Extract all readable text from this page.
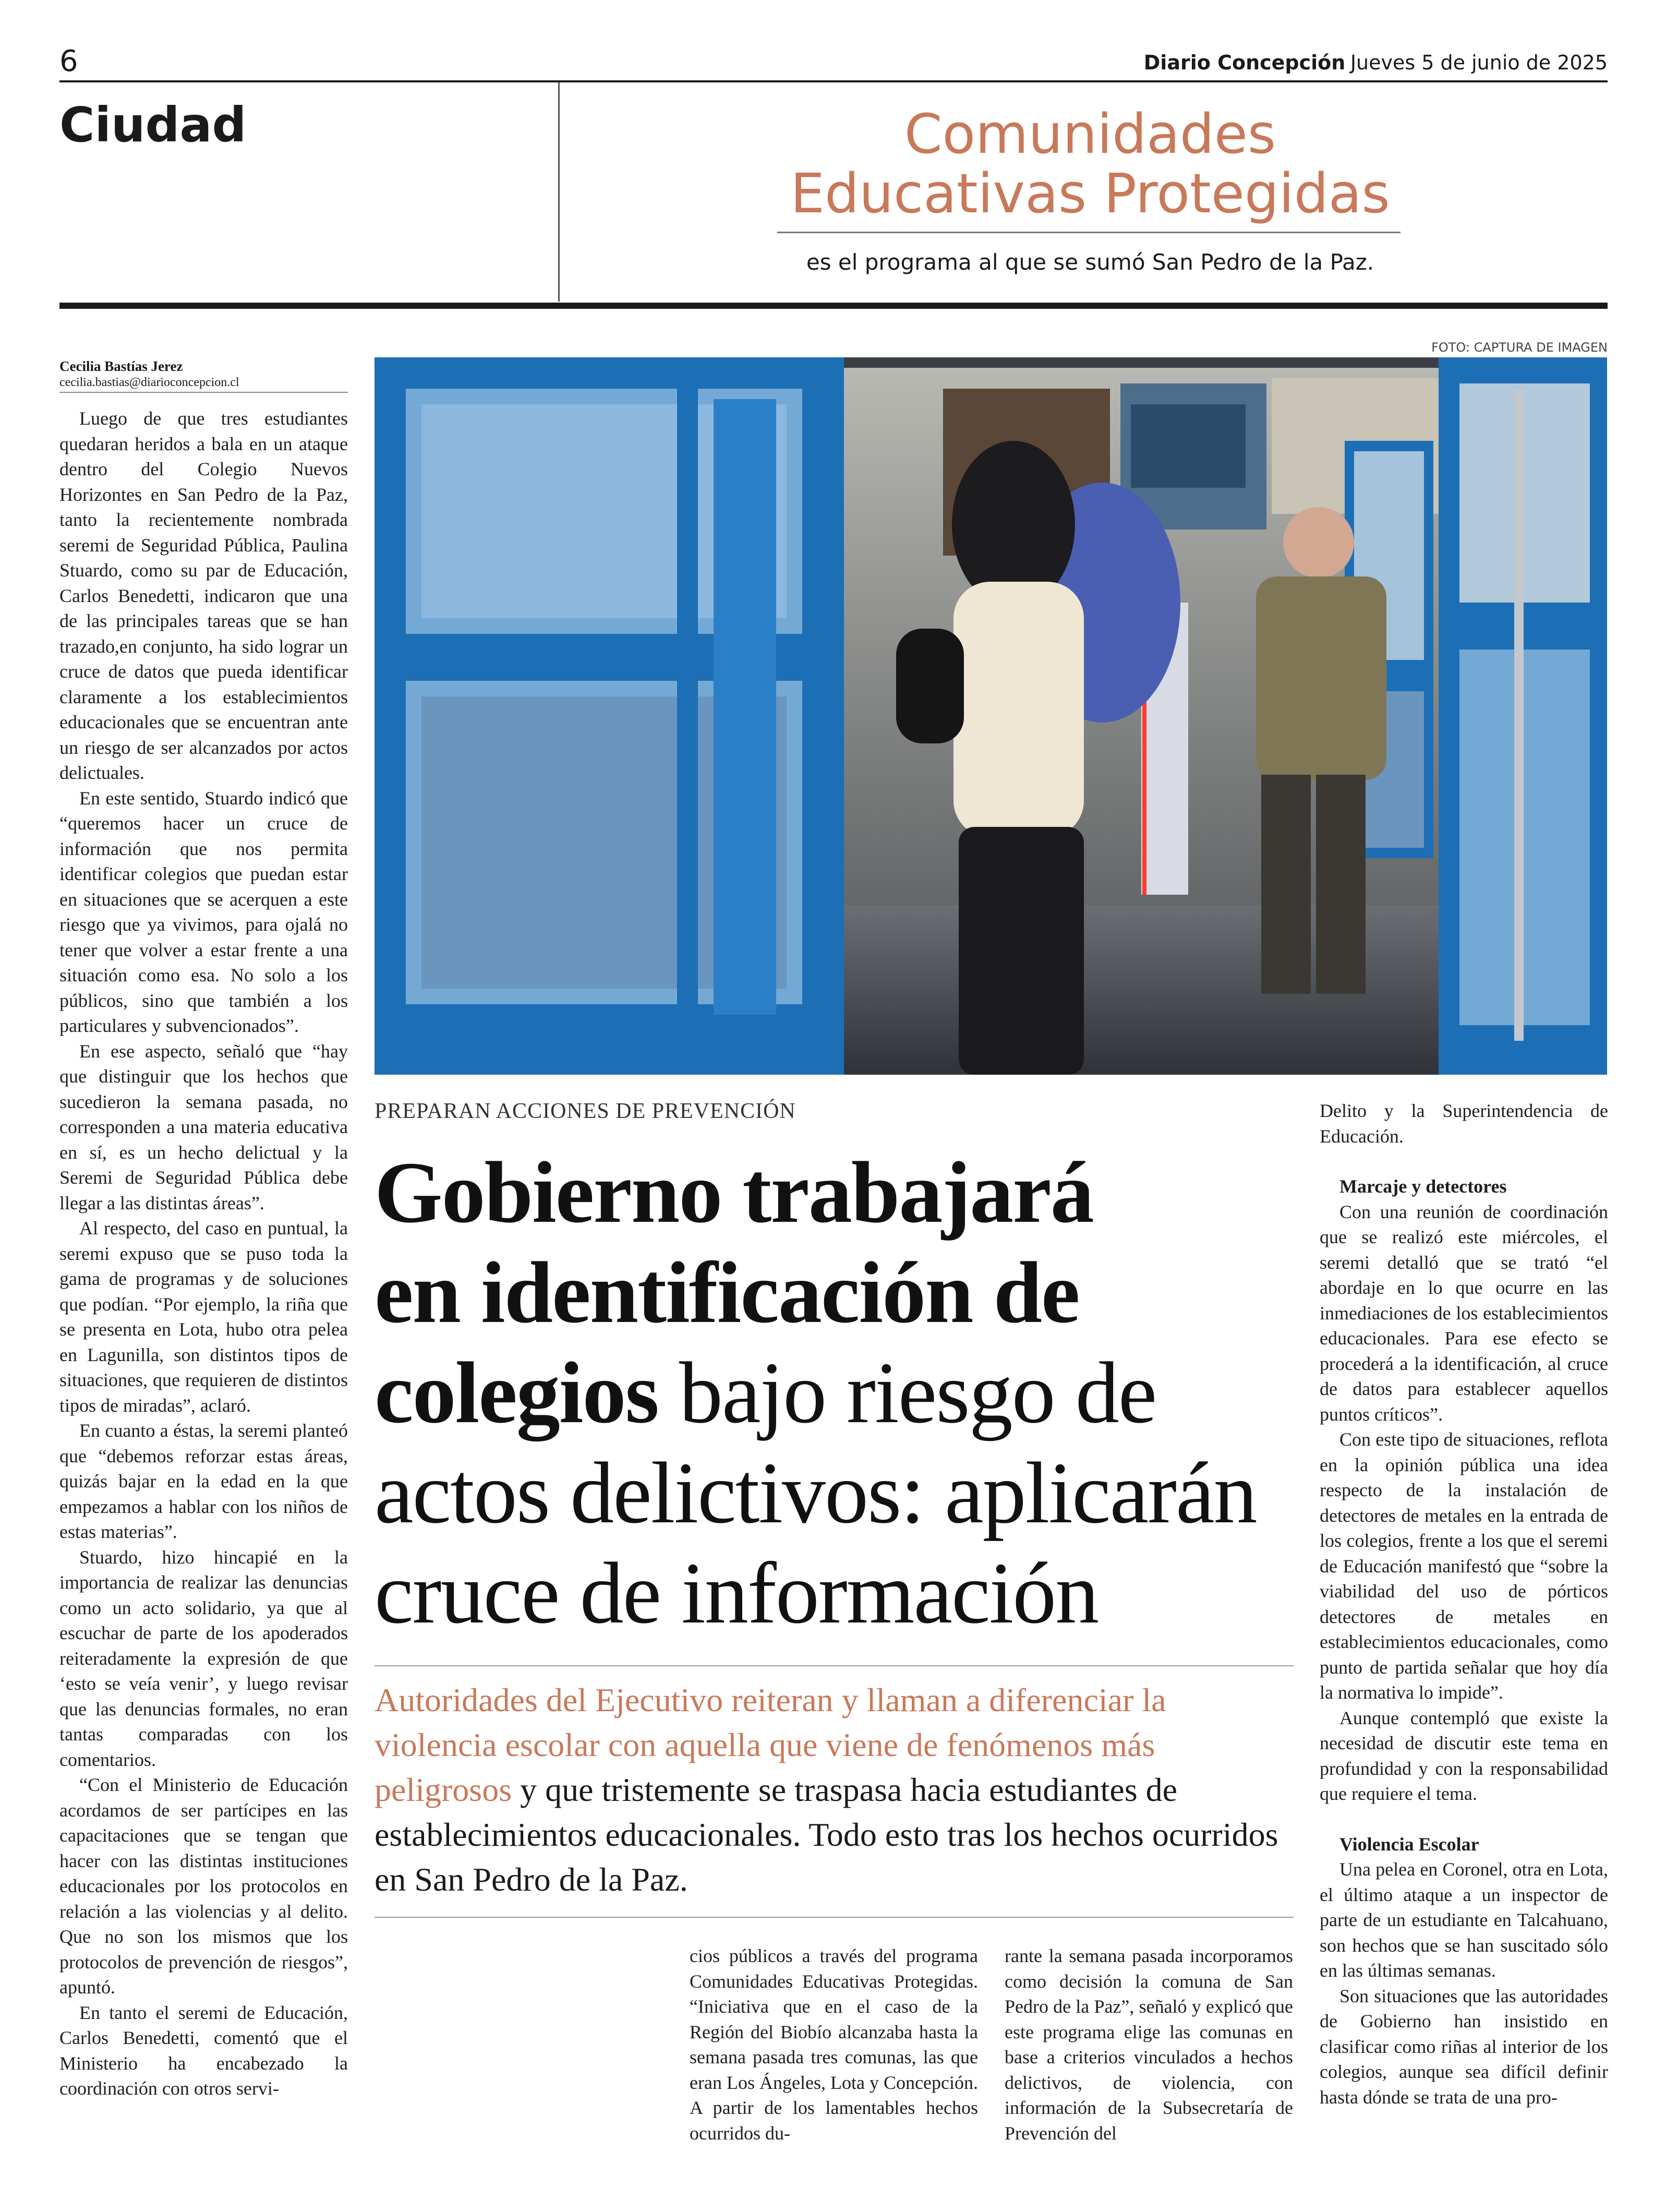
6	Diario Concepción Jueves 5 de junio de 2025
Ciudad	Comunidades
Educativas Protegidas
es el programa al que se sumó San Pedro de la Paz.
FOTO: CAPTURA DE IMAGEN
Cecilia Bastías Jerez
cecilia.bastias@diarioconcepcion.cl

Luego de que tres estudiantes quedaran heridos a bala en un ataque dentro del Colegio Nuevos Horizontes en San Pedro de la Paz, tanto la recientemente nombrada seremi de Seguridad Pública, Paulina Stuardo, como su par de Educación, Carlos Benedetti, indicaron que una de las principales tareas que se han trazado,en conjunto, ha sido lograr un cruce de datos que pueda identificar claramente a los establecimientos educacionales que se encuentran ante un riesgo de ser alcanzados por actos delictuales.

En este sentido, Stuardo indicó que “queremos hacer un cruce de información que nos permita identificar colegios que puedan estar en situaciones que se acerquen a este riesgo que ya vivimos, para ojalá no tener que volver a estar frente a una situación como esa. No solo a los públicos, sino que también a los particulares y subvencionados”.

En ese aspecto, señaló que “hay que distinguir que los hechos que sucedieron la semana pasada, no corresponden a una materia educativa en sí, es un hecho delictual y la Seremi de Seguridad Pública debe llegar a las distintas áreas”.

Al respecto, del caso en puntual, la seremi expuso que se puso toda la gama de programas y de soluciones que podían. “Por ejemplo, la riña que se presenta en Lota, hubo otra pelea en Lagunilla, son distintos tipos de situaciones, que requieren de distintos tipos de miradas”, aclaró.

En cuanto a éstas, la seremi planteó que “debemos reforzar estas áreas, quizás bajar en la edad en la que empezamos a hablar con los niños de estas materias”.

Stuardo, hizo hincapié en la importancia de realizar las denuncias como un acto solidario, ya que al escuchar de parte de los apoderados reiteradamente la expresión de que ‘esto se veía venir’, y luego revisar que las denuncias formales, no eran tantas comparadas con los comentarios.

“Con el Ministerio de Educación acordamos de ser partícipes en las capacitaciones que se tengan que hacer con las distintas instituciones educacionales por los protocolos en relación a las violencias y al delito. Que no son los mismos que los protocolos de prevención de riesgos”, apuntó.

En tanto el seremi de Educación, Carlos Benedetti, comentó que el Ministerio ha encabezado la coordinación con otros servi-

PREPARAN ACCIONES DE PREVENCIÓN
Gobierno trabajará
en identificación de
colegios bajo riesgo de
actos delictivos: aplicarán
cruce de información
Autoridades del Ejecutivo reiteran y llaman a diferenciar la violencia escolar con aquella que viene de fenómenos más peligrosos y que tristemente se traspasa hacia estudiantes de establecimientos educacionales. Todo esto tras los hechos ocurridos en San Pedro de la Paz.

cios públicos a través del programa Comunidades Educativas Protegidas. “Iniciativa que en el caso de la Región del Biobío alcanzaba hasta la semana pasada tres comunas, las que eran Los Ángeles, Lota y Concepción. A partir de los lamentables hechos ocurridos du-

rante la semana pasada incorporamos como decisión la comuna de San Pedro de la Paz”, señaló y explicó que este programa elige las comunas en base a criterios vinculados a hechos delictivos, de violencia, con información de la Subsecretaría de Prevención del

Delito y la Superintendencia de Educación.

Marcaje y detectores

Con una reunión de coordinación que se realizó este miércoles, el seremi detalló que se trató “el abordaje en lo que ocurre en las inmediaciones de los establecimientos educacionales. Para ese efecto se procederá a la identificación, al cruce de datos para establecer aquellos puntos críticos”.

Con este tipo de situaciones, reflota en la opinión pública una idea respecto de la instalación de detectores de metales en la entrada de los colegios, frente a los que el seremi de Educación manifestó que “sobre la viabilidad del uso de pórticos detectores de metales en establecimientos educacionales, como punto de partida señalar que hoy día la normativa lo impide”.

Aunque contempló que existe la necesidad de discutir este tema en profundidad y con la responsabilidad que requiere el tema.

Violencia Escolar

Una pelea en Coronel, otra en Lota, el último ataque a un inspector de parte de un estudiante en Talcahuano, son hechos que se han suscitado sólo en las últimas semanas.

Son situaciones que las autoridades de Gobierno han insistido en clasificar como riñas al interior de los colegios, aunque sea difícil definir hasta dónde se trata de una pro-
